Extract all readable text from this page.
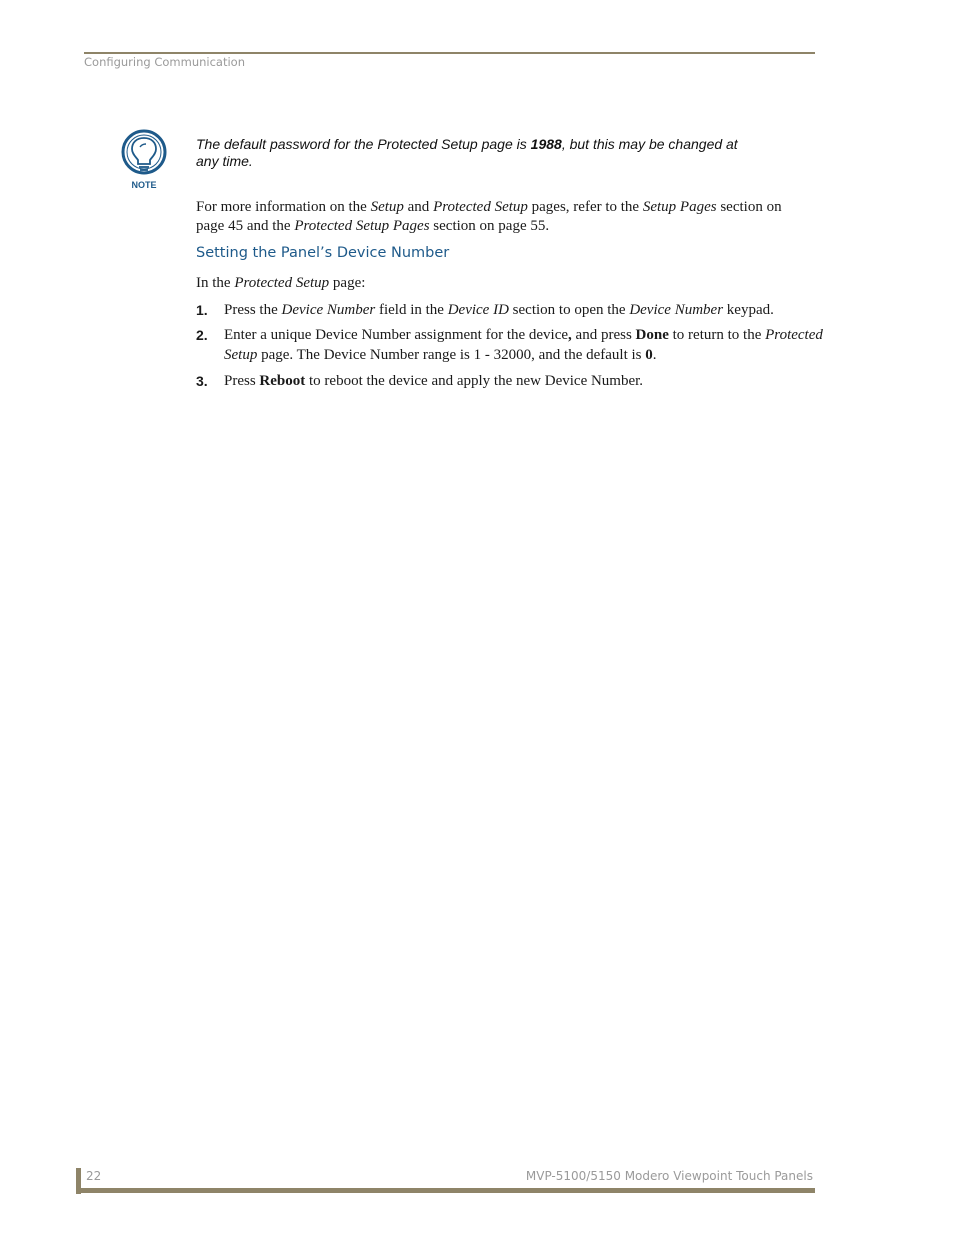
Configuring Communication
NOTE
The default password for the Protected Setup page is 1988, but this may be changed at any time.
For more information on the Setup and Protected Setup pages, refer to the Setup Pages section on page 45 and the Protected Setup Pages section on page 55.
Setting the Panel’s Device Number
In the Protected Setup page:
1. Press the Device Number field in the Device ID section to open the Device Number keypad.
2. Enter a unique Device Number assignment for the device, and press Done to return to the Protected Setup page. The Device Number range is 1 - 32000, and the default is 0.
3. Press Reboot to reboot the device and apply the new Device Number.
22	MVP-5100/5150 Modero Viewpoint Touch Panels
